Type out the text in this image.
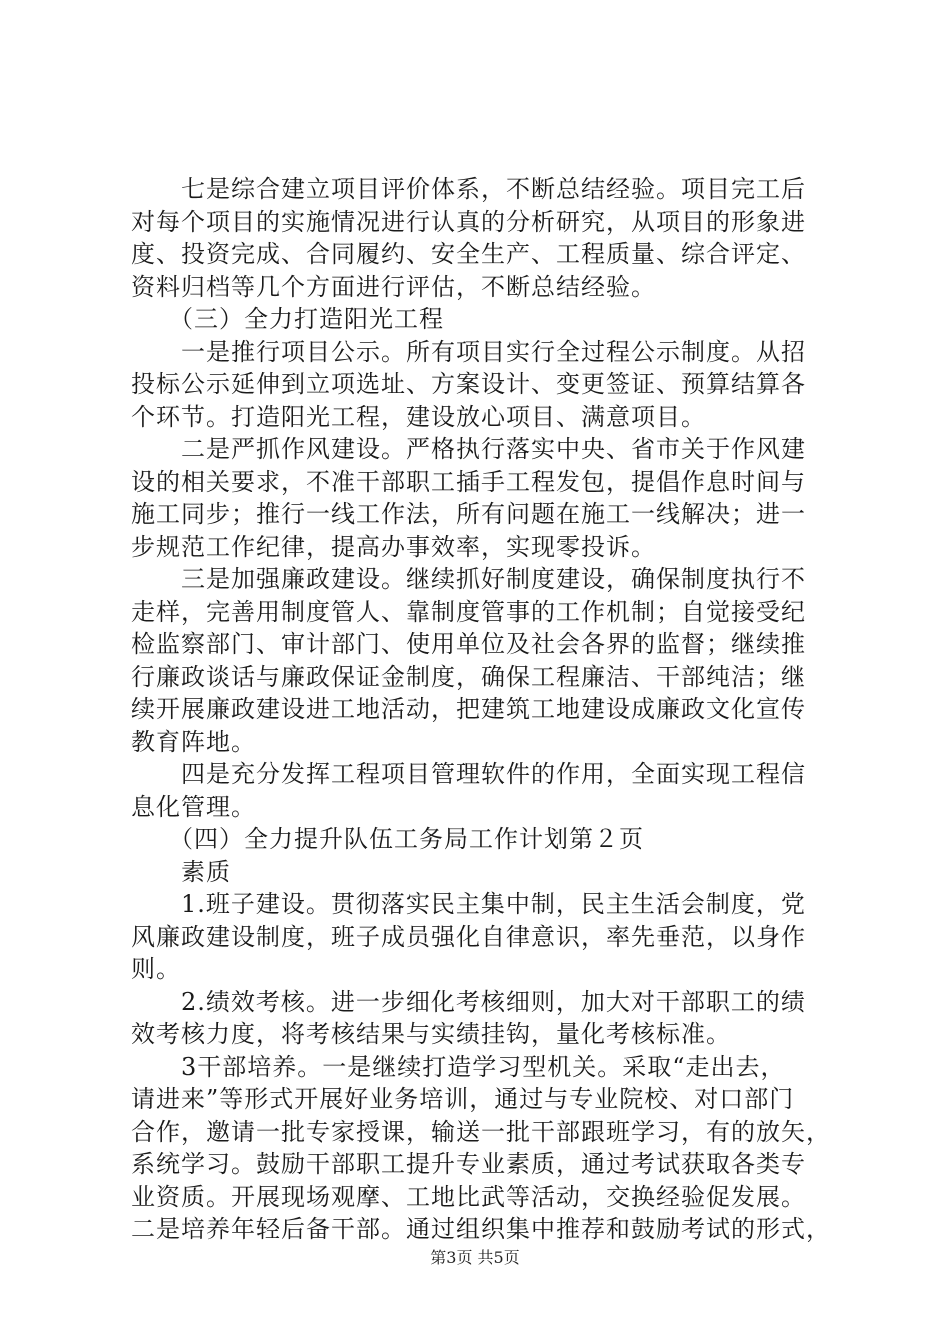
　　七是综合建立项目评价体系，不断总结经验。项目完工后
对每个项目的实施情况进行认真的分析研究，从项目的形象进
度、投资完成、合同履约、安全生产、工程质量、综合评定、
资料归档等几个方面进行评估，不断总结经验。
　　（三）全力打造阳光工程
　　一是推行项目公示。所有项目实行全过程公示制度。从招
投标公示延伸到立项选址、方案设计、变更签证、预算结算各
个环节。打造阳光工程，建设放心项目、满意项目。
　　二是严抓作风建设。严格执行落实中央、省市关于作风建
设的相关要求，不准干部职工插手工程发包，提倡作息时间与
施工同步；推行一线工作法，所有问题在施工一线解决；进一
步规范工作纪律，提高办事效率，实现零投诉。
　　三是加强廉政建设。继续抓好制度建设，确保制度执行不
走样，完善用制度管人、靠制度管事的工作机制；自觉接受纪
检监察部门、审计部门、使用单位及社会各界的监督；继续推
行廉政谈话与廉政保证金制度，确保工程廉洁、干部纯洁；继
续开展廉政建设进工地活动，把建筑工地建设成廉政文化宣传
教育阵地。
　　四是充分发挥工程项目管理软件的作用，全面实现工程信
息化管理。
　　（四）全力提升队伍工务局工作计划第２页
　　素质
　　1.班子建设。贯彻落实民主集中制，民主生活会制度，党
风廉政建设制度，班子成员强化自律意识，率先垂范，以身作
则。
　　2.绩效考核。进一步细化考核细则，加大对干部职工的绩
效考核力度，将考核结果与实绩挂钩，量化考核标准。
　　3干部培养。一是继续打造学习型机关。采取“走出去，
请进来”等形式开展好业务培训，通过与专业院校、对口部门
合作，邀请一批专家授课，输送一批干部跟班学习，有的放矢，
系统学习。鼓励干部职工提升专业素质，通过考试获取各类专
业资质。开展现场观摩、工地比武等活动，交换经验促发展。
二是培养年轻后备干部。通过组织集中推荐和鼓励考试的形式，
第3页 共5页
